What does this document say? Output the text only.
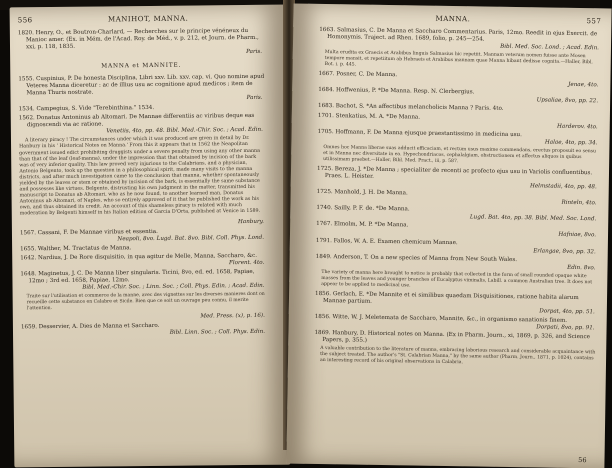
556	MANIHOT, MANNA.
1820. Henry, O., et Boutron-Charlard, — Recherches sur le principe vénéneux du Manioc amer. (Ex. in Mém. de l'Acad. Roy. de Méd., v. p. 212, et Journ. de Pharm., xxi, p. 118, 1835.
Paris.
MANNA et MANNITE.
1555. Cuspinius, P. De honesta Disciplina, Libri xxv. Lib. xxv. cap. vi. Quo nomine apud Veteres Manna diceretur : ac de illius usu ac cognitione apud medicos ; item de Manna Thuris nostrate.
Paris.
1534. Campegius, S. Vide "Terebinthina." 1534.
1562. Donatus Antoninus ab Altomari. De Mannae differentiis ac viribus deque eas dignoscendi via ac ratione.
Venetiis, 4to, pp. 48. Bibl. Med.-Chir. Soc. ; Acad. Edin.
A literary piracy ! The circumstances under which it was produced are given in detail by Dr. Hanbury in his ' Historical Notes on Manna.' From this it appears that in 1562 the Neapolitan government issued edict prohibiting druggists under a severe penalty from using any other manna than that of the leaf (leaf-manna), under the impression that that obtained by incision of the bark was of very inferior quality. This law proved very injurious to the Calabrians, and a physician, Antonio Belgento, took up the question in a philosophical spirit, made many visits to the manna districts, and after much investigation came to the conclusion that manna, whether spontaneously yielded by the leaves or stem or obtained by incision of the bark, is essentially the same substance and possesses like virtues. Belgento, distrusting his own judgment in the matter, transmitted his manuscript to Donatus ab Altomari, who as he now found, to another learned man, Donatus Antoninus ab Altomari, of Naples, who so entirely approved of it that he published the work as his own, and thus obtained its credit. An account of this shameless piracy is related with much moderation by Belgenti himself in his Italian edition of Garcia D'Orta, published at Venice in 1589.
Hanbury.
1567. Cassani, F. De Mannae viribus et essentia.
Neapoli, 8vo. Lugd. Bat. 8vo. Bibl. Coll. Phys. Lond.
1655. Walther, M. Tractatus de Manna.
1642. Nardius, J. De Rore disquisitio, in qua agitur de Melle, Manna, Saccharo, &c.
Florent. 4to.
1648. Maginetus, J. C. De Manna liber singularis. Ticini, 8vo, ed. ed. 1658, Papiae, 12mo ; 3rd ed. 1658, Papiae, 12mo.
Bibl. Med.-Chir. Soc. ; Linn. Soc. ; Coll. Phys. Edin. ; Acad. Edin.
Traite sur l'utilisation et commerce de la manne, avec des vignettes sur les diverses manieres dont on recueille cette substance en Calabre et Sicile. Bien que ce soit un ouvrage peu connu, il merite l'attention.
Med. Press. (x), p. 16).
1659. Desservier, A. Dies de Manna et Saccharo.
Bibl. Linn. Soc. ; Coll. Phys. Edin.
MANNA.	557
1663. Salmasius, C. De Manna et Saccharo Commentarius. Paris, 12mo. Reedit in ejus Exercit. de Homonymis. Traject. ad Rhen. 1689, folio, p. 245—254.
Bibl. Med. Soc. Lond. ; Acad. Edin.
Multa erudita ex Graecis et Arabibus linguis Salmasius hic repetiit. Mannam veterum nomen fuisse ante Mosen tempore mansit, et repetiitum ab Hebraeis et Arabibus mannam quae Manna hibant dedisse cognita.—Haller, Bibl. Bot. i. p. 445.
1667. Posner, C. De Manna.
Jenae, 4to.
1684. Hoffwenius, P. *De Manna. Resp. N. Clerbergius.
Upsaliae, 8vo, pp. 22.
1683. Bachot, S. *An affectibus melancholicis Manna ? Paris. 4to.
1701. Stenkatius, M. A. *De Manna.
Harderov. 4to.
1705. Hoffmann, F. De Manna ejusque praestantissimo in medicina usu.
Halae, 4to, pp. 34.
Omnes hoc Manna liberae suas adducit efficaciam, et rectum usus maxime commendans, erectus proposuit eo sensu et in Manna nec diversitate in ea. Hypochondriacos, cephalalgiam, obstructionem et affectus aliquos in quibus utilissimam praebet.—Haller, Bibl. Med. Pract., iii, p. 587.
1725. Bereza, J. *De Manna ; specialiter de recenti ac profecto ejus usu in Variolis confluentibus. Praes. L. Heister.
Helmstadii, 4to, pp. 48.
1725. Manhold, J. H. De Manna.
Rinteln, 4to.
1740. Sailly, P. F. de. *De Manna.
Lugd. Bat. 4to, pp. 38. Bibl. Med. Soc. Lond.
1767. Elmolm, M. P. *De Manna.
Hafniae, 8vo.
1791. Fallos, W. A. E. Examen chemicum Mannae.
Erlangae, 8vo, pp. 32.
1849. Anderson, T. On a new species of Manna from New South Wales.
Edin. 8vo.
The variety of manna here brought to notice is probably that collected in the form of small rounded opaque white masses from the leaves and younger branches of Eucalyptus viminalis, Labill. a common Australian tree. It does not appear to be applied to medicinal use.
1856. Gerlach, E. *De Mannite et ei similibus quaedam Disquisitiones, ratione habita alarum Mannae partium.
Dorpat, 4to, pp. 51.
1856. Witte, W. J. Meletemata de Saccharo, Mannite, &c., in organismo sanationis finem.
Dorpati, 8vo, pp. 91.
1869. Hanbury, D. Historical notes on Manna. (Ex in Pharm. Journ., xi, 1869, p. 326, and Science Papers, p. 355.)
A valuable contribution to the literature of manna, embracing laborious research and considerable acquaintance with the subject treated. The author's "St. Calabrian Manna," by the same author (Pharm. Journ., 1871, p. 1024), contains an interesting record of his original observations in Calabria.
56
